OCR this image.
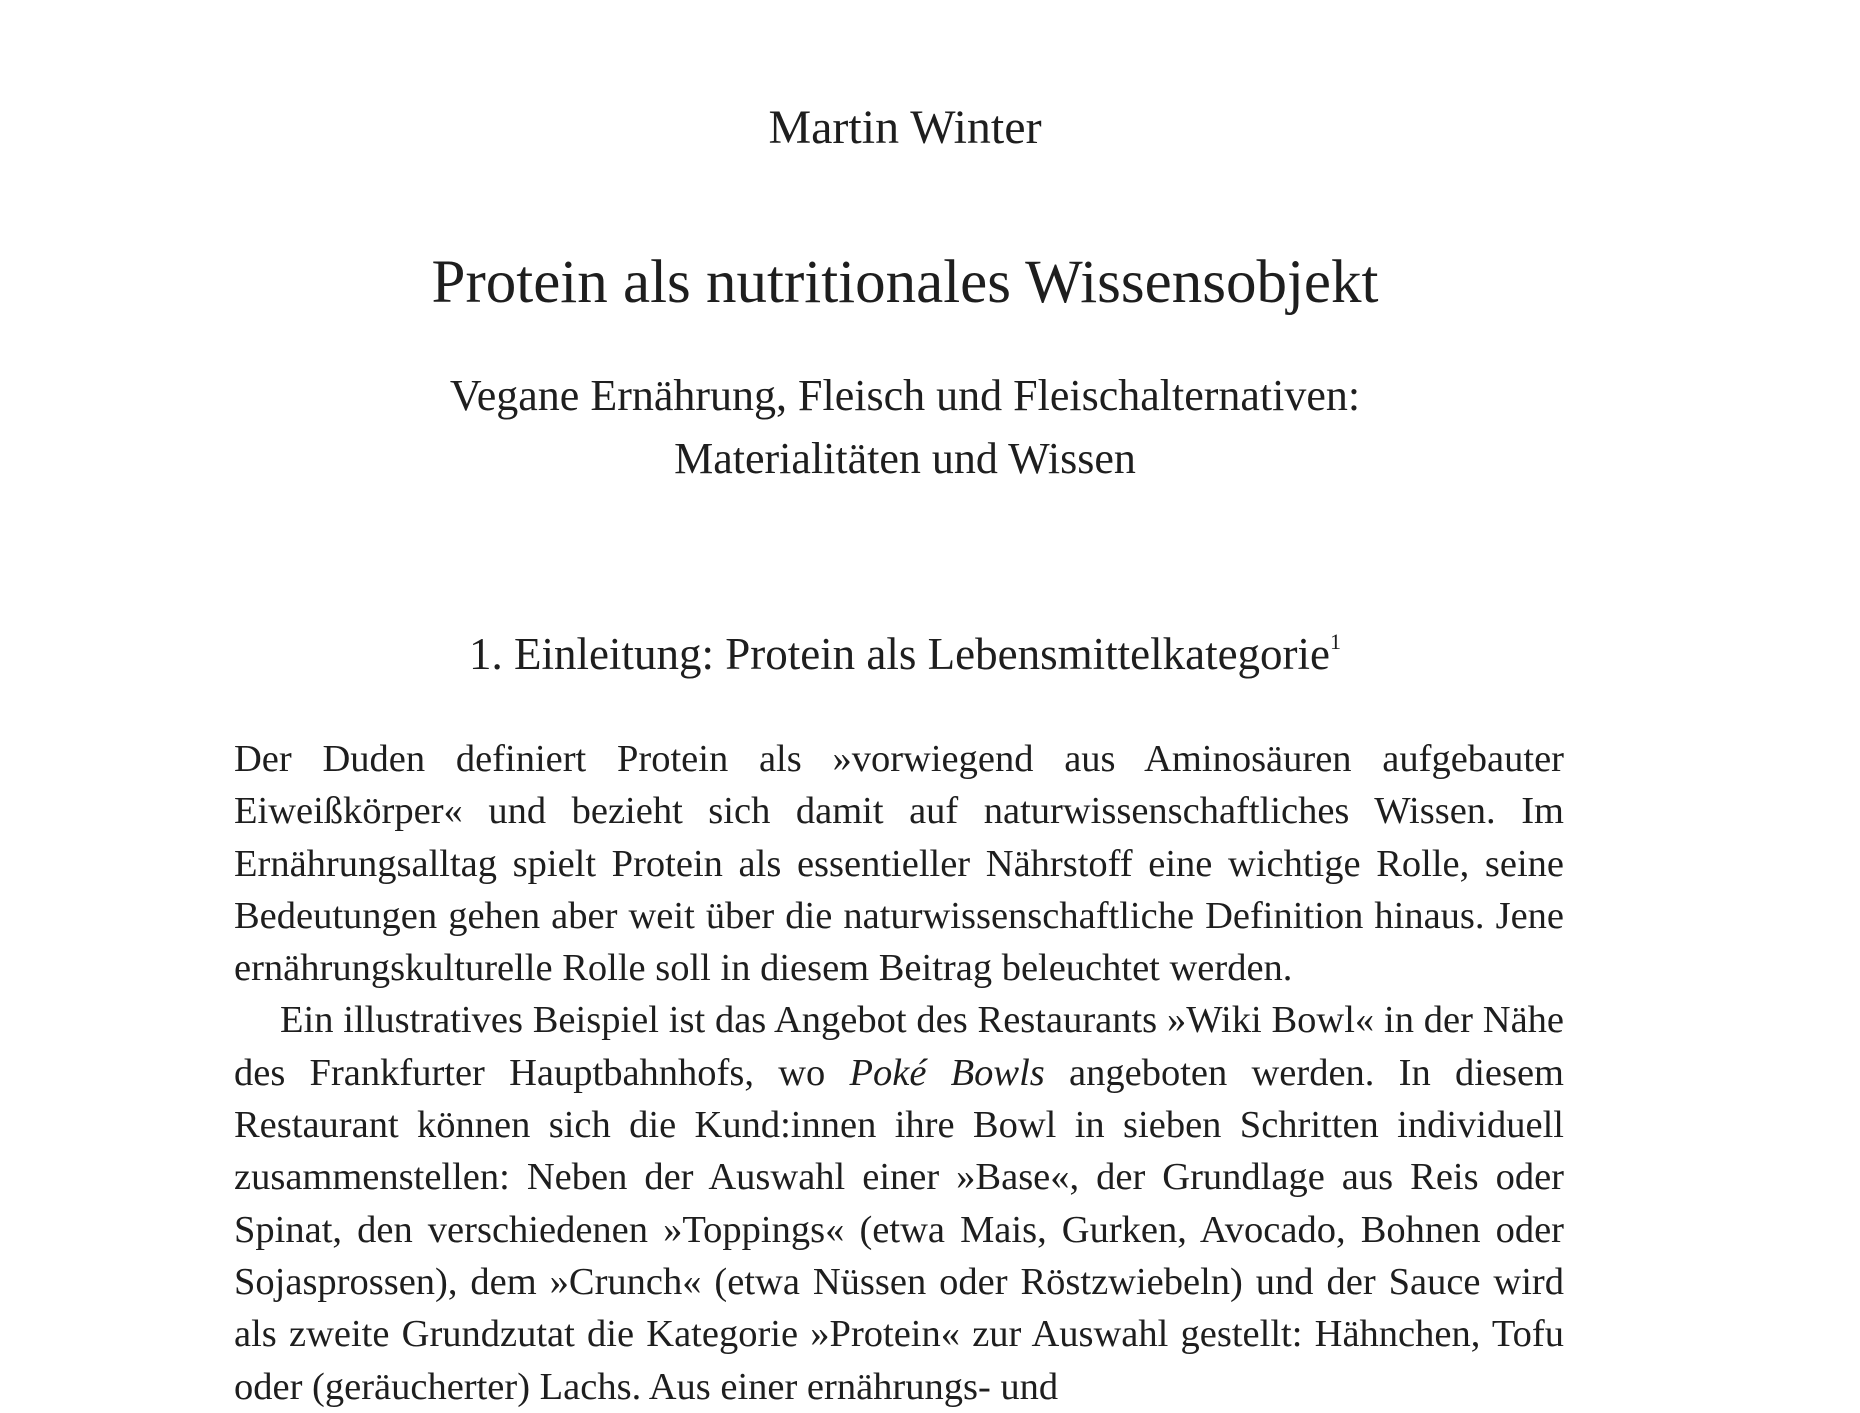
Martin Winter
Protein als nutritionales Wissensobjekt
Vegane Ernährung, Fleisch und Fleischalternativen:
Materialitäten und Wissen
1. Einleitung: Protein als Lebensmittelkategorie$^1$

Der Duden definiert Protein als »vorwiegend aus Aminosäuren aufgebauter Eiweißkörper« und bezieht sich damit auf naturwissenschaftliches Wissen. Im Ernährungsalltag spielt Protein als essentieller Nährstoff eine wichtige Rolle, seine Bedeutungen gehen aber weit über die naturwissenschaftliche Definition hinaus. Jene ernährungskulturelle Rolle soll in diesem Beitrag beleuchtet werden.

Ein illustratives Beispiel ist das Angebot des Restaurants »Wiki Bowl« in der Nähe des Frankfurter Hauptbahnhofs, wo Poké Bowls angeboten werden. In diesem Restaurant können sich die Kund:innen ihre Bowl in sieben Schritten individuell zusammenstellen: Neben der Auswahl einer »Base«, der Grundlage aus Reis oder Spinat, den verschiedenen »Toppings« (etwa Mais, Gurken, Avocado, Bohnen oder Sojasprossen), dem »Crunch« (etwa Nüssen oder Röstzwiebeln) und der Sauce wird als zweite Grundzutat die Kategorie »Protein« zur Auswahl gestellt: Hähnchen, Tofu oder (geräucherter) Lachs. Aus einer ernährungs- und
